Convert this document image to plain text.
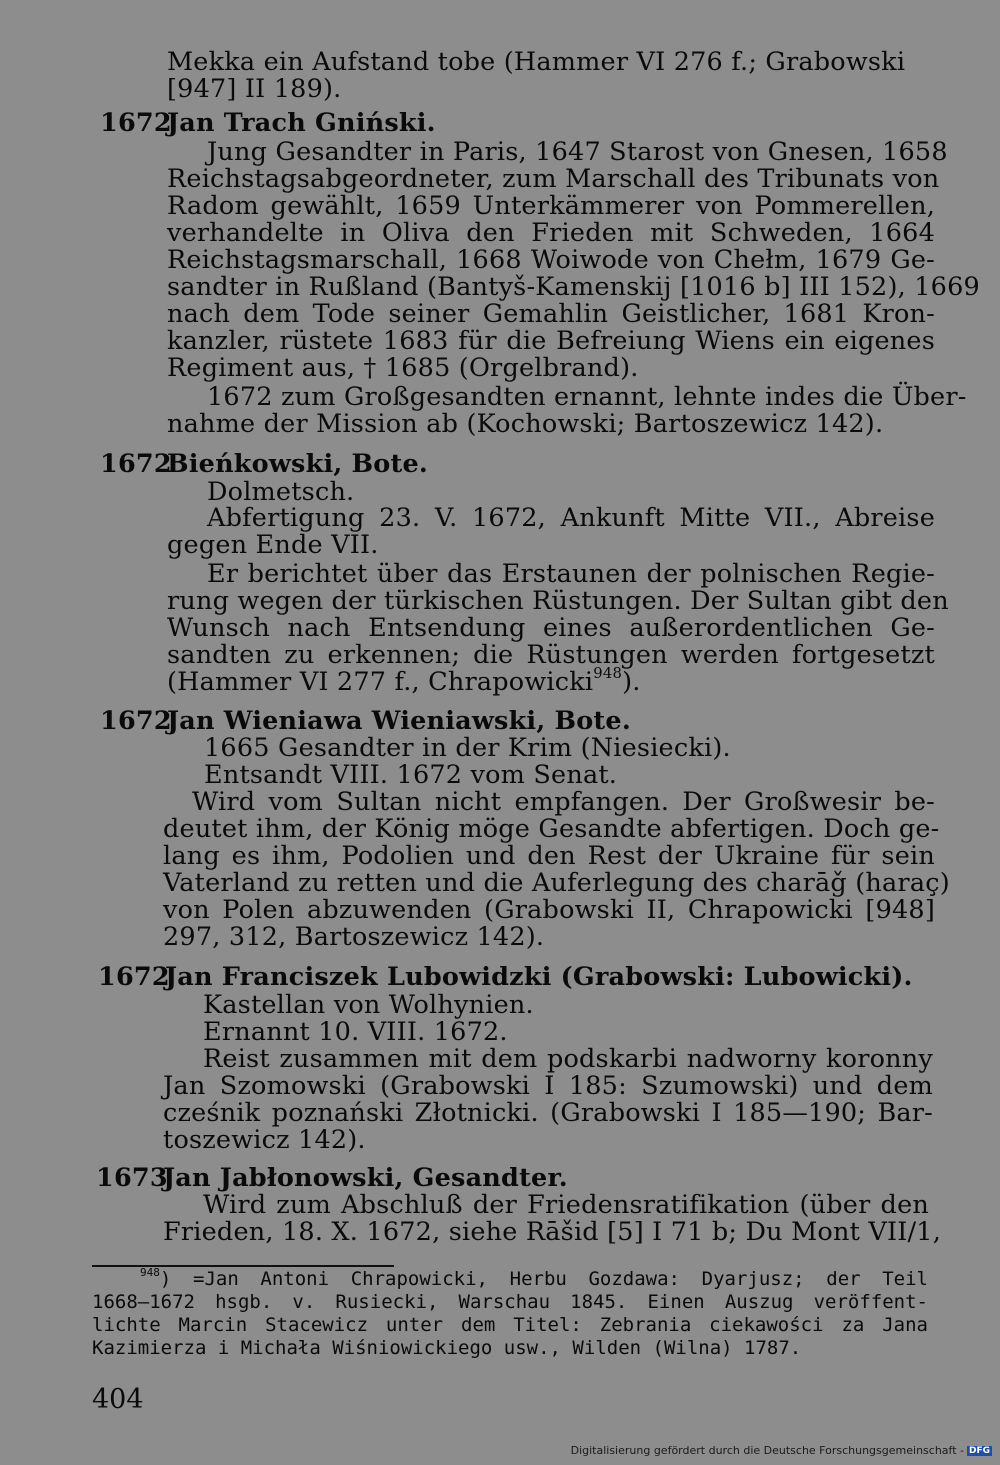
Mekka ein Aufstand tobe (Hammer VI 276 f.; Grabowski
[947] II 189).
1672Jan Trach Gniński.
Jung Gesandter in Paris, 1647 Starost von Gnesen, 1658
Reichstagsabgeordneter, zum Marschall des Tribunats von
Radom gewählt, 1659 Unterkämmerer von Pommerellen,
verhandelte in Oliva den Frieden mit Schweden, 1664
Reichstagsmarschall, 1668 Woiwode von Chełm, 1679 Ge-
sandter in Rußland (Bantyš-Kamenskij [1016 b] III 152), 1669
nach dem Tode seiner Gemahlin Geistlicher, 1681 Kron-
kanzler, rüstete 1683 für die Befreiung Wiens ein eigenes
Regiment aus, † 1685 (Orgelbrand).
1672 zum Großgesandten ernannt, lehnte indes die Über-
nahme der Mission ab (Kochowski; Bartoszewicz 142).
1672Bieńkowski, Bote.
Dolmetsch.
Abfertigung 23. V. 1672, Ankunft Mitte VII., Abreise
gegen Ende VII.
Er berichtet über das Erstaunen der polnischen Regie-
rung wegen der türkischen Rüstungen. Der Sultan gibt den
Wunsch nach Entsendung eines außerordentlichen Ge-
sandten zu erkennen; die Rüstungen werden fortgesetzt
(Hammer VI 277 f., Chrapowicki$^{948}$).
1672Jan Wieniawa Wieniawski, Bote.
1665 Gesandter in der Krim (Niesiecki).
Entsandt VIII. 1672 vom Senat.
Wird vom Sultan nicht empfangen. Der Großwesir be-
deutet ihm, der König möge Gesandte abfertigen. Doch ge-
lang es ihm, Podolien und den Rest der Ukraine für sein
Vaterland zu retten und die Auferlegung des charāǧ (haraç)
von Polen abzuwenden (Grabowski II, Chrapowicki [948]
297, 312, Bartoszewicz 142).
1672Jan Franciszek Lubowidzki (Grabowski: Lubowicki).
Kastellan von Wolhynien.
Ernannt 10. VIII. 1672.
Reist zusammen mit dem podskarbi nadworny koronny
Jan Szomowski (Grabowski I 185: Szumowski) und dem
cześnik poznański Złotnicki. (Grabowski I 185—190; Bar-
toszewicz 142).
1673Jan Jabłonowski, Gesandter.
Wird zum Abschluß der Friedensratifikation (über den
Frieden, 18. X. 1672, siehe Rāšid [5] I 71 b; Du Mont VII/1,
$^{948}$) =Jan Antoni Chrapowicki, Herbu Gozdawa: Dyarjusz; der Teil
1668—1672 hsgb. v. Rusiecki, Warschau 1845. Einen Auszug veröffent-
lichte Marcin Stacewicz unter dem Titel: Zebrania ciekawości za Jana
Kazimierza i Michała Wiśniowickiego usw., Wilden (Wilna) 1787.
404
Digitalisierung gefördert durch die Deutsche Forschungsgemeinschaft - DFG
